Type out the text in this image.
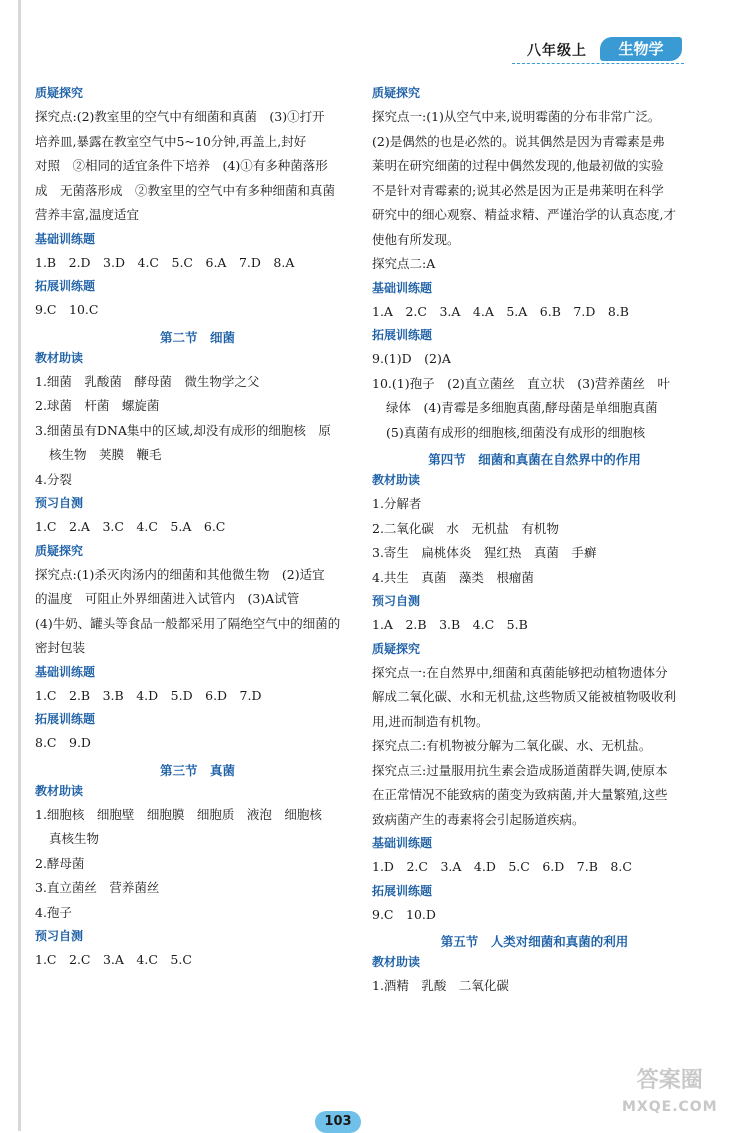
八年级上	生物学
质疑探究
探究点:(2)教室里的空气中有细菌和真菌　(3)①打开
培养皿,暴露在教室空气中5~10分钟,再盖上,封好
对照　②相同的适宜条件下培养　(4)①有多种菌落形
成　无菌落形成　②教室里的空气中有多种细菌和真菌
营养丰富,温度适宜
基础训练题
1.B　2.D　3.D　4.C　5.C　6.A　7.D　8.A
拓展训练题
9.C　10.C
第二节　细菌
教材助读
1.细菌　乳酸菌　酵母菌　微生物学之父
2.球菌　杆菌　螺旋菌
3.细菌虽有DNA集中的区域,却没有成形的细胞核　原
核生物　荚膜　鞭毛
4.分裂
预习自测
1.C　2.A　3.C　4.C　5.A　6.C
质疑探究
探究点:(1)杀灭肉汤内的细菌和其他微生物　(2)适宜
的温度　可阻止外界细菌进入试管内　(3)A试管
(4)牛奶、罐头等食品一般都采用了隔绝空气中的细菌的
密封包装
基础训练题
1.C　2.B　3.B　4.D　5.D　6.D　7.D
拓展训练题
8.C　9.D
第三节　真菌
教材助读
1.细胞核　细胞壁　细胞膜　细胞质　液泡　细胞核
真核生物
2.酵母菌
3.直立菌丝　营养菌丝
4.孢子
预习自测
1.C　2.C　3.A　4.C　5.C
质疑探究
探究点一:(1)从空气中来,说明霉菌的分布非常广泛。
(2)是偶然的也是必然的。说其偶然是因为青霉素是弗
莱明在研究细菌的过程中偶然发现的,他最初做的实验
不是针对青霉素的;说其必然是因为正是弗莱明在科学
研究中的细心观察、精益求精、严谨治学的认真态度,才
使他有所发现。
探究点二:A
基础训练题
1.A　2.C　3.A　4.A　5.A　6.B　7.D　8.B
拓展训练题
9.(1)D　(2)A
10.(1)孢子　(2)直立菌丝　直立状　(3)营养菌丝　叶
绿体　(4)青霉是多细胞真菌,酵母菌是单细胞真菌
(5)真菌有成形的细胞核,细菌没有成形的细胞核
第四节　细菌和真菌在自然界中的作用
教材助读
1.分解者
2.二氧化碳　水　无机盐　有机物
3.寄生　扁桃体炎　猩红热　真菌　手癣
4.共生　真菌　藻类　根瘤菌
预习自测
1.A　2.B　3.B　4.C　5.B
质疑探究
探究点一:在自然界中,细菌和真菌能够把动植物遗体分
解成二氧化碳、水和无机盐,这些物质又能被植物吸收利
用,进而制造有机物。
探究点二:有机物被分解为二氧化碳、水、无机盐。
探究点三:过量服用抗生素会造成肠道菌群失调,使原本
在正常情况不能致病的菌变为致病菌,并大量繁殖,这些
致病菌产生的毒素将会引起肠道疾病。
基础训练题
1.D　2.C　3.A　4.D　5.C　6.D　7.B　8.C
拓展训练题
9.C　10.D
第五节　人类对细菌和真菌的利用
教材助读
1.酒精　乳酸　二氧化碳
103
答案圈
MXQE.COM
